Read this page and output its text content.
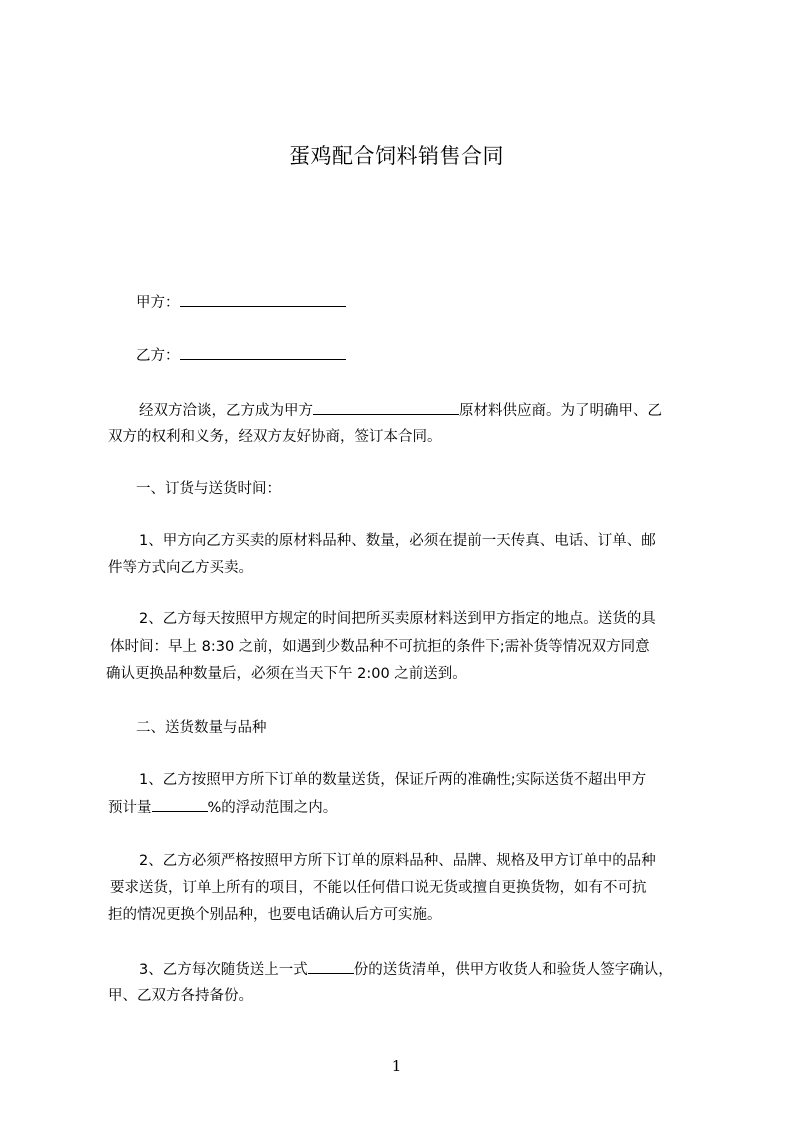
蛋鸡配合饲料销售合同
甲方：
乙方：
经双方洽谈，乙方成为甲方	原材料供应商。为了明确甲、乙
双方的权利和义务，经双方友好协商，签订本合同。
一、订货与送货时间：
1、甲方向乙方买卖的原材料品种、数量，必须在提前一天传真、电话、订单、邮
件等方式向乙方买卖。
2、乙方每天按照甲方规定的时间把所买卖原材料送到甲方指定的地点。送货的具
体时间：早上 8:30 之前，如遇到少数品种不可抗拒的条件下;需补货等情况双方同意
确认更换品种数量后，必须在当天下午 2:00 之前送到。
二、送货数量与品种
1、乙方按照甲方所下订单的数量送货，保证斤两的准确性;实际送货不超出甲方
预计量	%的浮动范围之内。
2、乙方必须严格按照甲方所下订单的原料品种、品牌、规格及甲方订单中的品种
要求送货，订单上所有的项目，不能以任何借口说无货或擅自更换货物，如有不可抗
拒的情况更换个别品种，也要电话确认后方可实施。
3、乙方每次随货送上一式	份的送货清单，供甲方收货人和验货人签字确认，
甲、乙双方各持备份。
1
